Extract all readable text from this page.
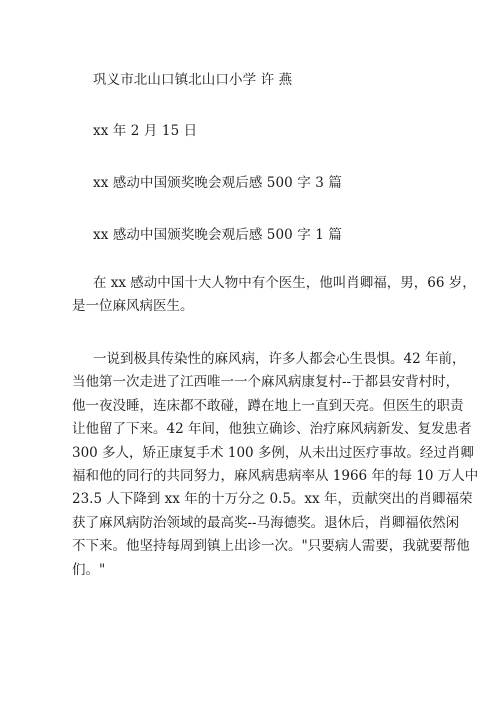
巩义市北山口镇北山口小学 许 燕
xx 年 2 月 15 日
xx 感动中国颁奖晚会观后感 500 字 3 篇
xx 感动中国颁奖晚会观后感 500 字 1 篇
在 xx 感动中国十大人物中有个医生，他叫肖卿福，男，66 岁，
是一位麻风病医生。
一说到极具传染性的麻风病，许多人都会心生畏惧。42 年前，
当他第一次走进了江西唯一一个麻风病康复村--于都县安背村时，
他一夜没睡，连床都不敢碰，蹲在地上一直到天亮。但医生的职责
让他留了下来。42 年间，他独立确诊、治疗麻风病新发、复发患者
300 多人，矫正康复手术 100 多例，从未出过医疗事故。经过肖卿
福和他的同行的共同努力，麻风病患病率从 1966 年的每 10 万人中
23.5 人下降到 xx 年的十万分之 0.5。xx 年，贡献突出的肖卿福荣
获了麻风病防治领域的最高奖--马海德奖。退休后，肖卿福依然闲
不下来。他坚持每周到镇上出诊一次。"只要病人需要，我就要帮他
们。"
